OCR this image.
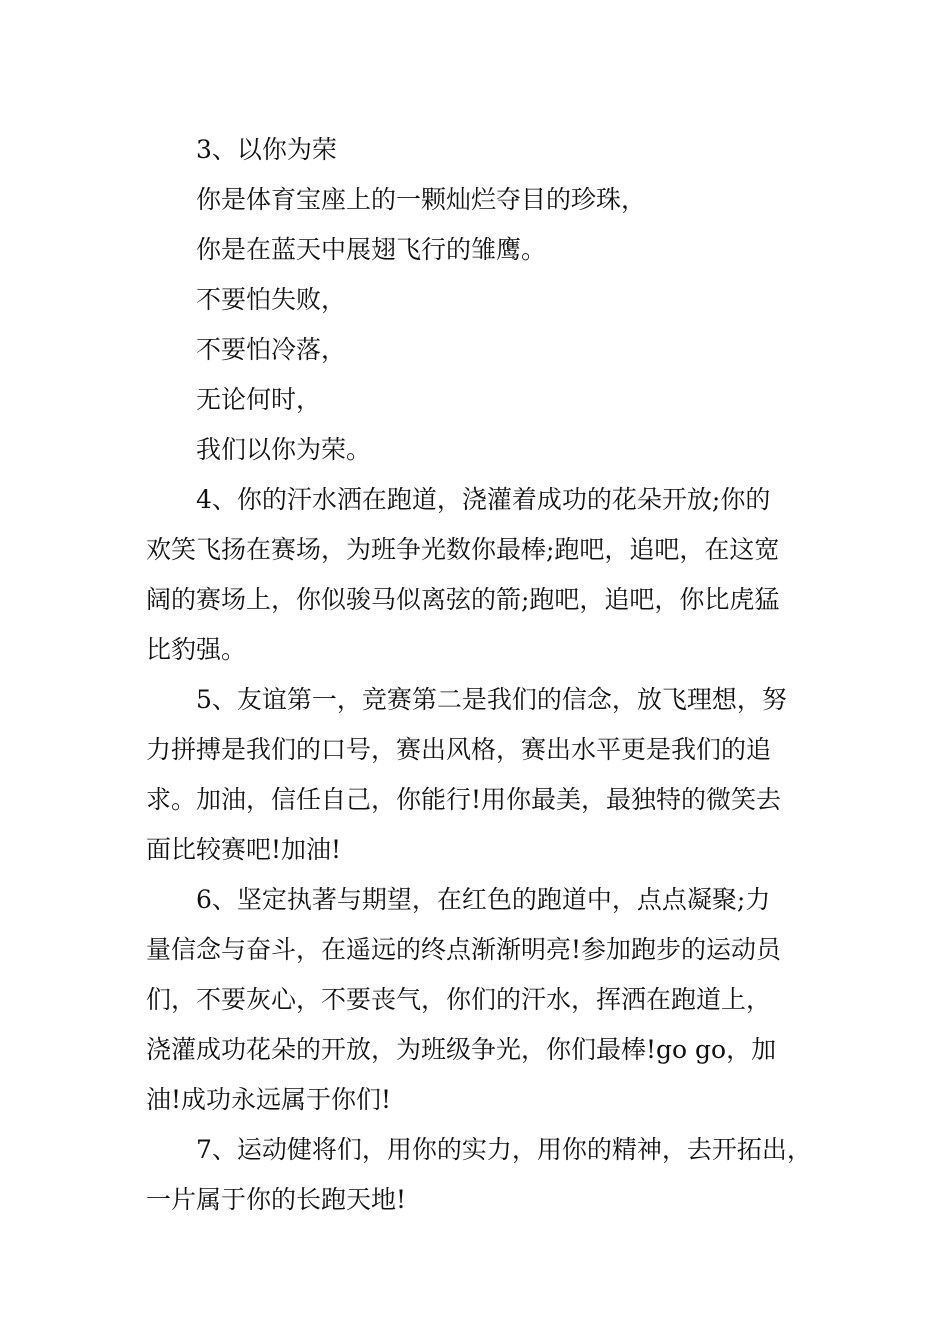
3、以你为荣

你是体育宝座上的一颗灿烂夺目的珍珠，

你是在蓝天中展翅飞行的雏鹰。

不要怕失败，

不要怕冷落，

无论何时，

我们以你为荣。

4、你的汗水洒在跑道，浇灌着成功的花朵开放;你的

欢笑飞扬在赛场，为班争光数你最棒;跑吧，追吧，在这宽

阔的赛场上，你似骏马似离弦的箭;跑吧，追吧，你比虎猛

比豹强。

5、友谊第一，竞赛第二是我们的信念，放飞理想，努

力拼搏是我们的口号，赛出风格，赛出水平更是我们的追

求。加油，信任自己，你能行!用你最美，最独特的微笑去

面比较赛吧!加油!

6、坚定执著与期望，在红色的跑道中，点点凝聚;力

量信念与奋斗，在遥远的终点渐渐明亮!参加跑步的运动员

们，不要灰心，不要丧气，你们的汗水，挥洒在跑道上，

浇灌成功花朵的开放，为班级争光，你们最棒!go go，加

油!成功永远属于你们!

7、运动健将们，用你的实力，用你的精神，去开拓出，

一片属于你的长跑天地!
